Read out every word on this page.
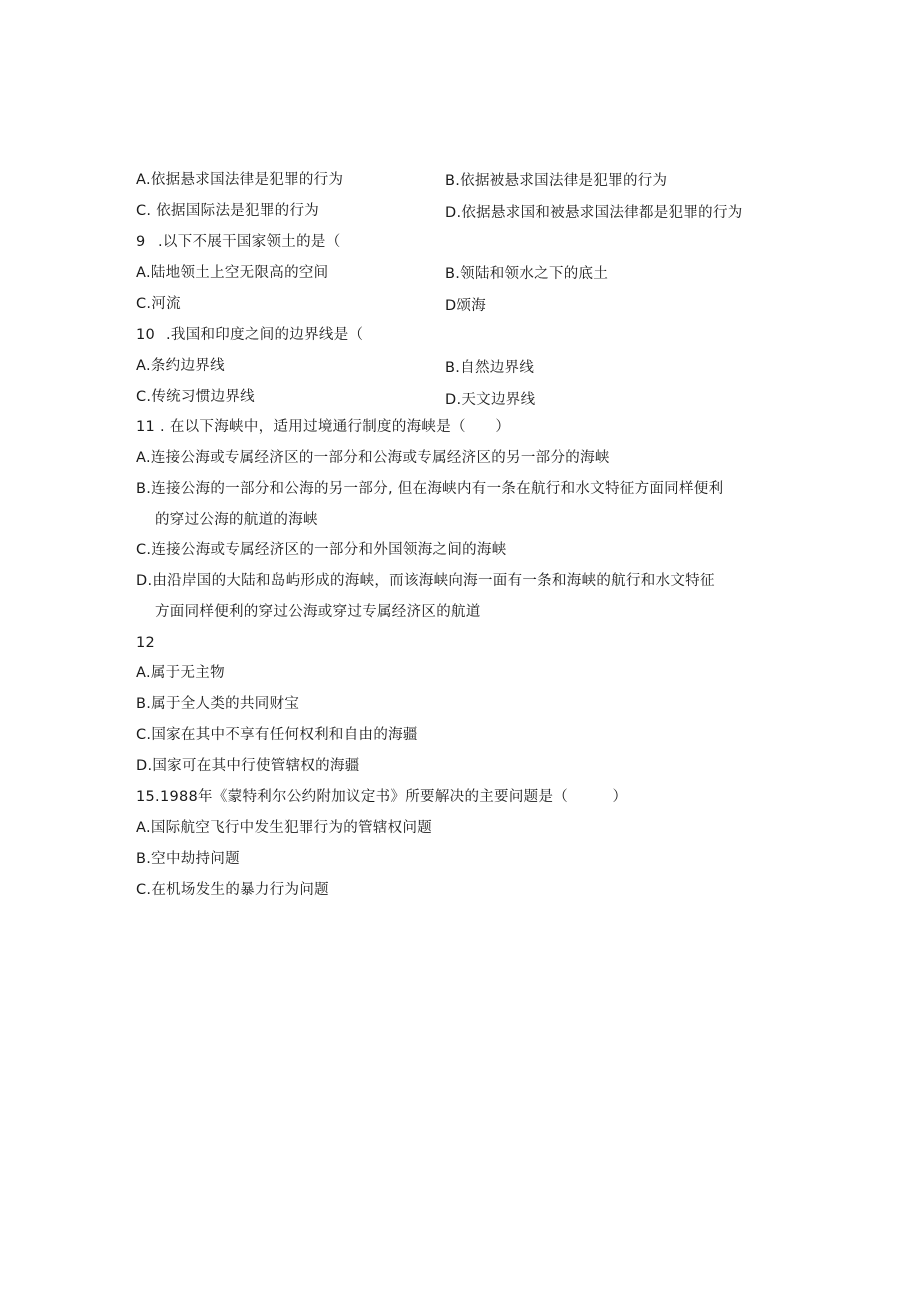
A.依据悬求国法律是犯罪的行为	B.依据被悬求国法律是犯罪的行为
C. 依据国际法是犯罪的行为	D.依据悬求国和被悬求国法律都是犯罪的行为
9 .以下不展干国家领土的是（
A.陆地领土上空无限高的空间	B.领陆和领水之下的底土
C.河流	D颂海
10 .我国和印度之间的边界线是（
A.条约边界线	B.自然边界线
C.传统习惯边界线	D.天文边界线
11 . 在以下海峡中，适用过境通行制度的海峡是（　　）
A.连接公海或专属经济区的一部分和公海或专属经济区的另一部分的海峡
B.连接公海的一部分和公海的另一部分, 但在海峡内有一条在航行和水文特征方面同样便利
的穿过公海的航道的海峡
C.连接公海或专属经济区的一部分和外国领海之间的海峡
D.由沿岸国的大陆和岛屿形成的海峡，而该海峡向海一面有一条和海峡的航行和水文特征
方面同样便利的穿过公海或穿过专属经济区的航道
12
A.属于无主物
B.属于全人类的共同财宝
C.国家在其中不享有任何权利和自由的海疆
D.国家可在其中行使管辖权的海疆
15.1988年《蒙特利尔公约附加议定书》所要解决的主要问题是（　　　）
A.国际航空飞行中发生犯罪行为的管辖权问题
B.空中劫持问题
C.在机场发生的暴力行为问题
